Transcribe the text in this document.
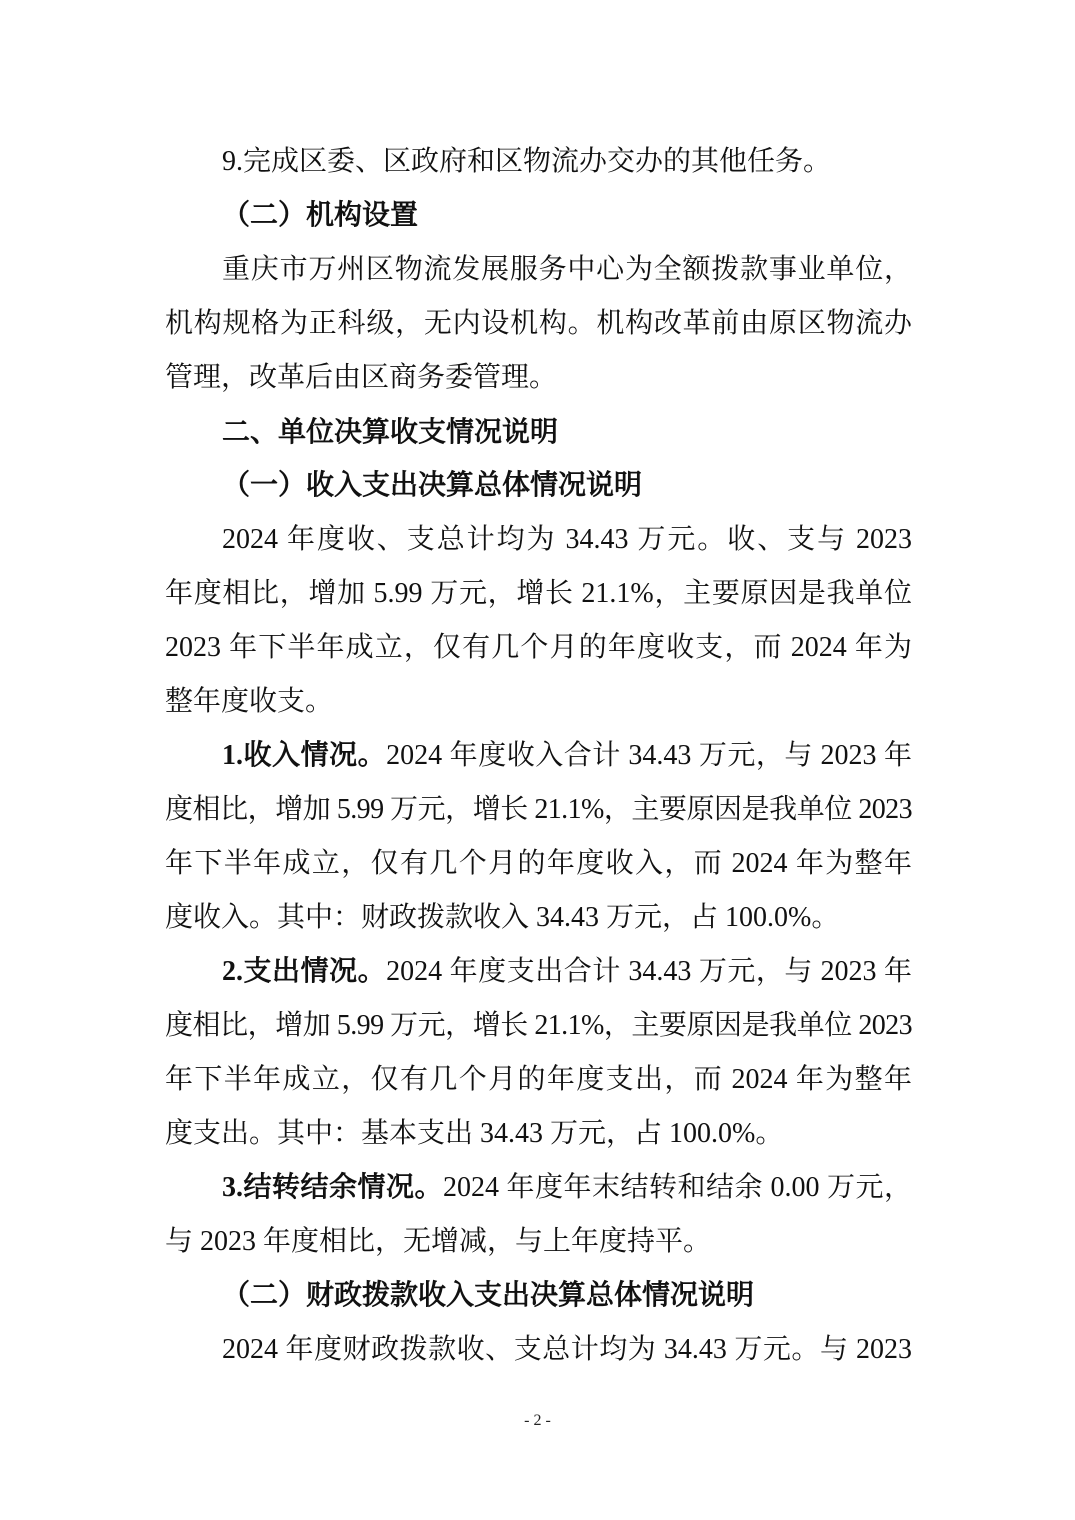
9.完成区委、区政府和区物流办交办的其他任务。
（二）机构设置
重庆市万州区物流发展服务中心为全额拨款事业单位，
机构规格为正科级，无内设机构。机构改革前由原区物流办
管理，改革后由区商务委管理。
二、单位决算收支情况说明
（一）收入支出决算总体情况说明
2024 年度收、支总计均为 34.43 万元。收、支与 2023
年度相比，增加 5.99 万元，增长 21.1%，主要原因是我单位
2023 年下半年成立，仅有几个月的年度收支，而 2024 年为
整年度收支。
1.收入情况。2024 年度收入合计 34.43 万元，与 2023 年
度相比，增加 5.99 万元，增长 21.1%，主要原因是我单位 2023
年下半年成立，仅有几个月的年度收入，而 2024 年为整年
度收入。其中：财政拨款收入 34.43 万元，占 100.0%。
2.支出情况。2024 年度支出合计 34.43 万元，与 2023 年
度相比，增加 5.99 万元，增长 21.1%，主要原因是我单位 2023
年下半年成立，仅有几个月的年度支出，而 2024 年为整年
度支出。其中：基本支出 34.43 万元，占 100.0%。
3.结转结余情况。2024 年度年末结转和结余 0.00 万元，
与 2023 年度相比，无增减，与上年度持平。
（二）财政拨款收入支出决算总体情况说明
2024 年度财政拨款收、支总计均为 34.43 万元。与 2023
- 2 -
